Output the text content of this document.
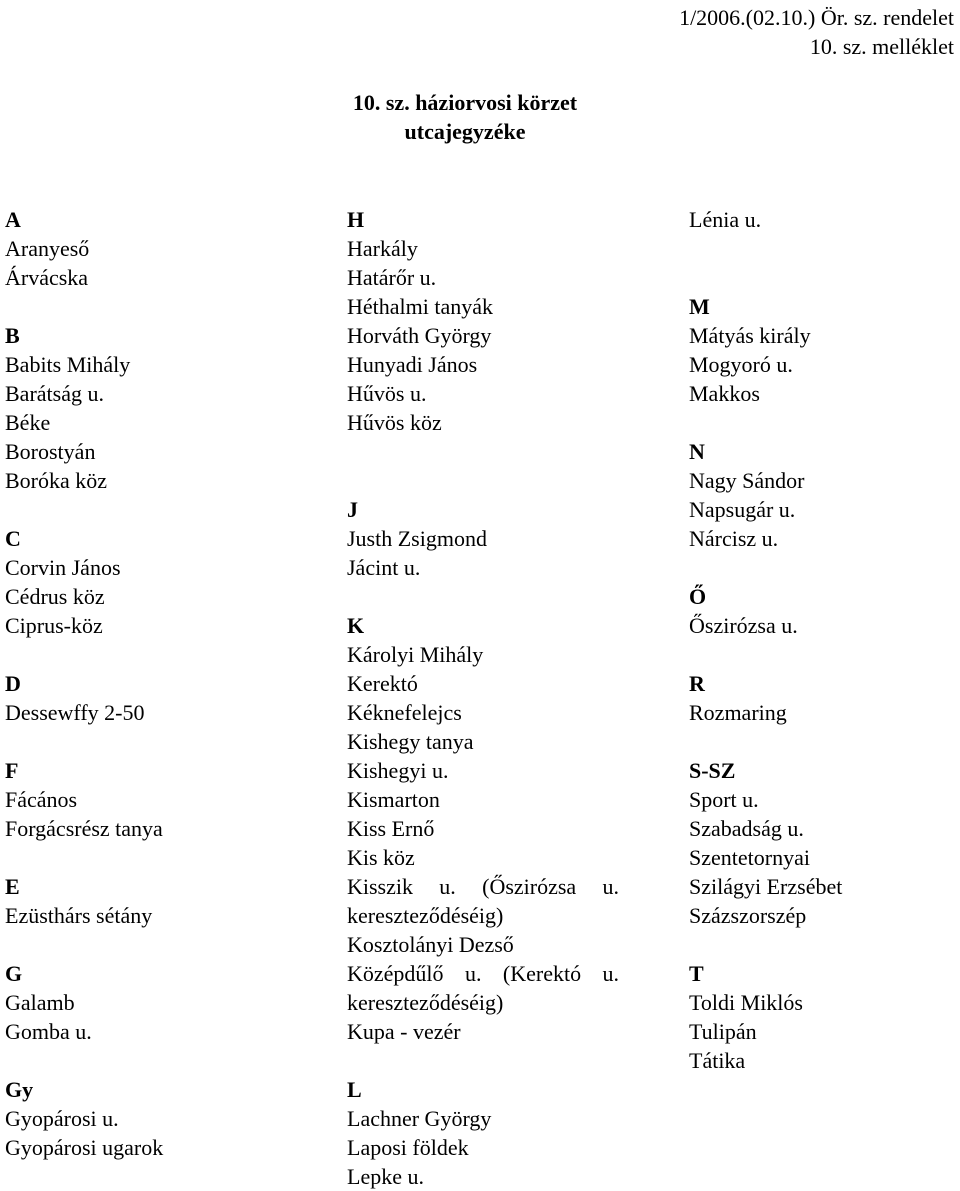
1/2006.(02.10.) Ör. sz. rendelet
10. sz. melléklet
10. sz. háziorvosi körzet
utcajegyzéke
A
Aranyeső
Árvácska
B
Babits Mihály
Barátság u.
Béke
Borostyán
Boróka köz
C
Corvin János
Cédrus köz
Ciprus-köz
D
Dessewffy 2-50
F
Fácános
Forgácsrész tanya
E
Ezüsthárs sétány
G
Galamb
Gomba u.
Gy
Gyopárosi u.
Gyopárosi ugarok
H
Harkály
Határőr u.
Héthalmi tanyák
Horváth György
Hunyadi János
Hűvös u.
Hűvös köz
J
Justh Zsigmond
Jácint u.
K
Károlyi Mihály
Kerektó
Kéknefelejcs
Kishegy tanya
Kishegyi u.
Kismarton
Kiss Ernő
Kis köz
Kisszik u. (Őszirózsa u.
kereszteződéséig)
Kosztolányi Dezső
Középdűlő u. (Kerektó u.
kereszteződéséig)
Kupa - vezér
L
Lachner György
Laposi földek
Lepke u.
Lénia u.
M
Mátyás király
Mogyoró u.
Makkos
N
Nagy Sándor
Napsugár u.
Nárcisz u.
Ő
Őszirózsa u.
R
Rozmaring
S-SZ
Sport u.
Szabadság u.
Szentetornyai
Szilágyi Erzsébet
Százszorszép
T
Toldi Miklós
Tulipán
Tátika
